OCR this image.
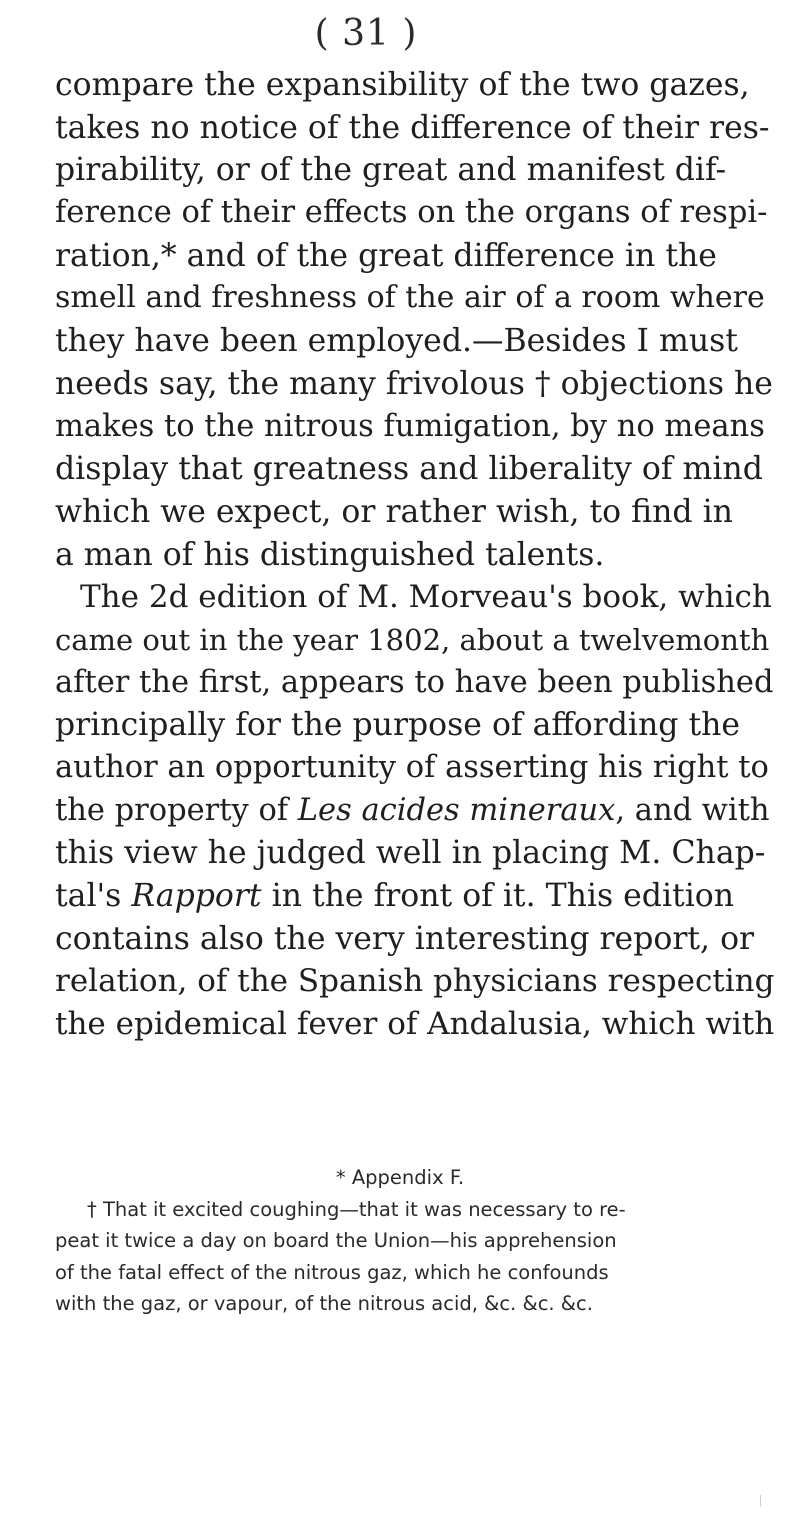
( 31 )
compare the expansibility of the two gazes,
takes no notice of the difference of their res-
pirability, or of the great and manifest dif-
ference of their effects on the organs of respi-
ration,* and of the great difference in the
smell and freshness of the air of a room where
they have been employed.—Besides I must
needs say, the many frivolous † objections he
makes to the nitrous fumigation, by no means
display that greatness and liberality of mind
which we expect, or rather wish, to find in
a man of his distinguished talents.
The 2d edition of M. Morveau's book, which
came out in the year 1802, about a twelvemonth
after the first, appears to have been published
principally for the purpose of affording the
author an opportunity of asserting his right to
the property of Les acides mineraux, and with
this view he judged well in placing M. Chap-
tal's Rapport in the front of it. This edition
contains also the very interesting report, or
relation, of the Spanish physicians respecting
the epidemical fever of Andalusia, which with
* Appendix F.
† That it excited coughing—that it was necessary to re-
peat it twice a day on board the Union—his apprehension
of the fatal effect of the nitrous gaz, which he confounds
with the gaz, or vapour, of the nitrous acid, &c. &c. &c.
